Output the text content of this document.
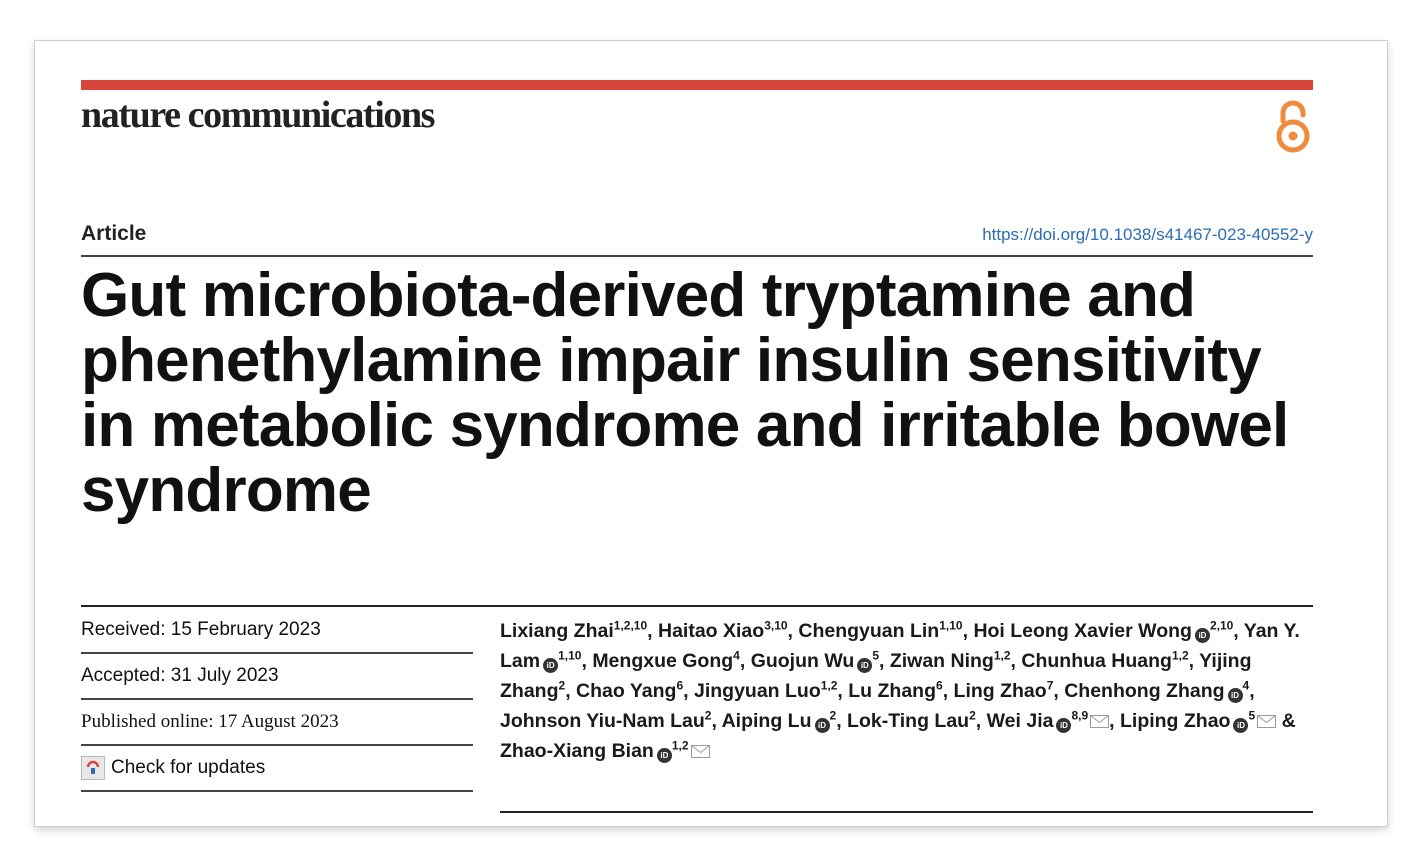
nature communications
Article	https://doi.org/10.1038/s41467-023-40552-y
Gut microbiota-derived tryptamine and phenethylamine impair insulin sensitivity in metabolic syndrome and irritable bowel syndrome
Received: 15 February 2023
Accepted: 31 July 2023
Published online: 17 August 2023
Check for updates
Lixiang Zhai$^{1,2,10}$, Haitao Xiao$^{3,10}$, Chengyuan Lin$^{1,10}$, Hoi Leong Xavier Wong iD$^{2,10}$, Yan Y. Lam iD$^{1,10}$, Mengxue Gong$^4$, Guojun Wu $iD^5$, Ziwan Ning$^{1,2}$, Chunhua Huang$^{1,2}$, Yijing Zhang$^2$, Chao Yang$^6$, Jingyuan Luo$^{1,2}$, Lu Zhang$^6$, Ling Zhao$^7$, Chenhong Zhang $iD^4$, Johnson Yiu-Nam Lau$^2$, Aiping Lu $iD^2$, Lok-Ting Lau$^2$, Wei Jia iD$^{8,9}$ , Liping Zhao $iD^5$ & Zhao-Xiang Bian iD$^{1,2}$
